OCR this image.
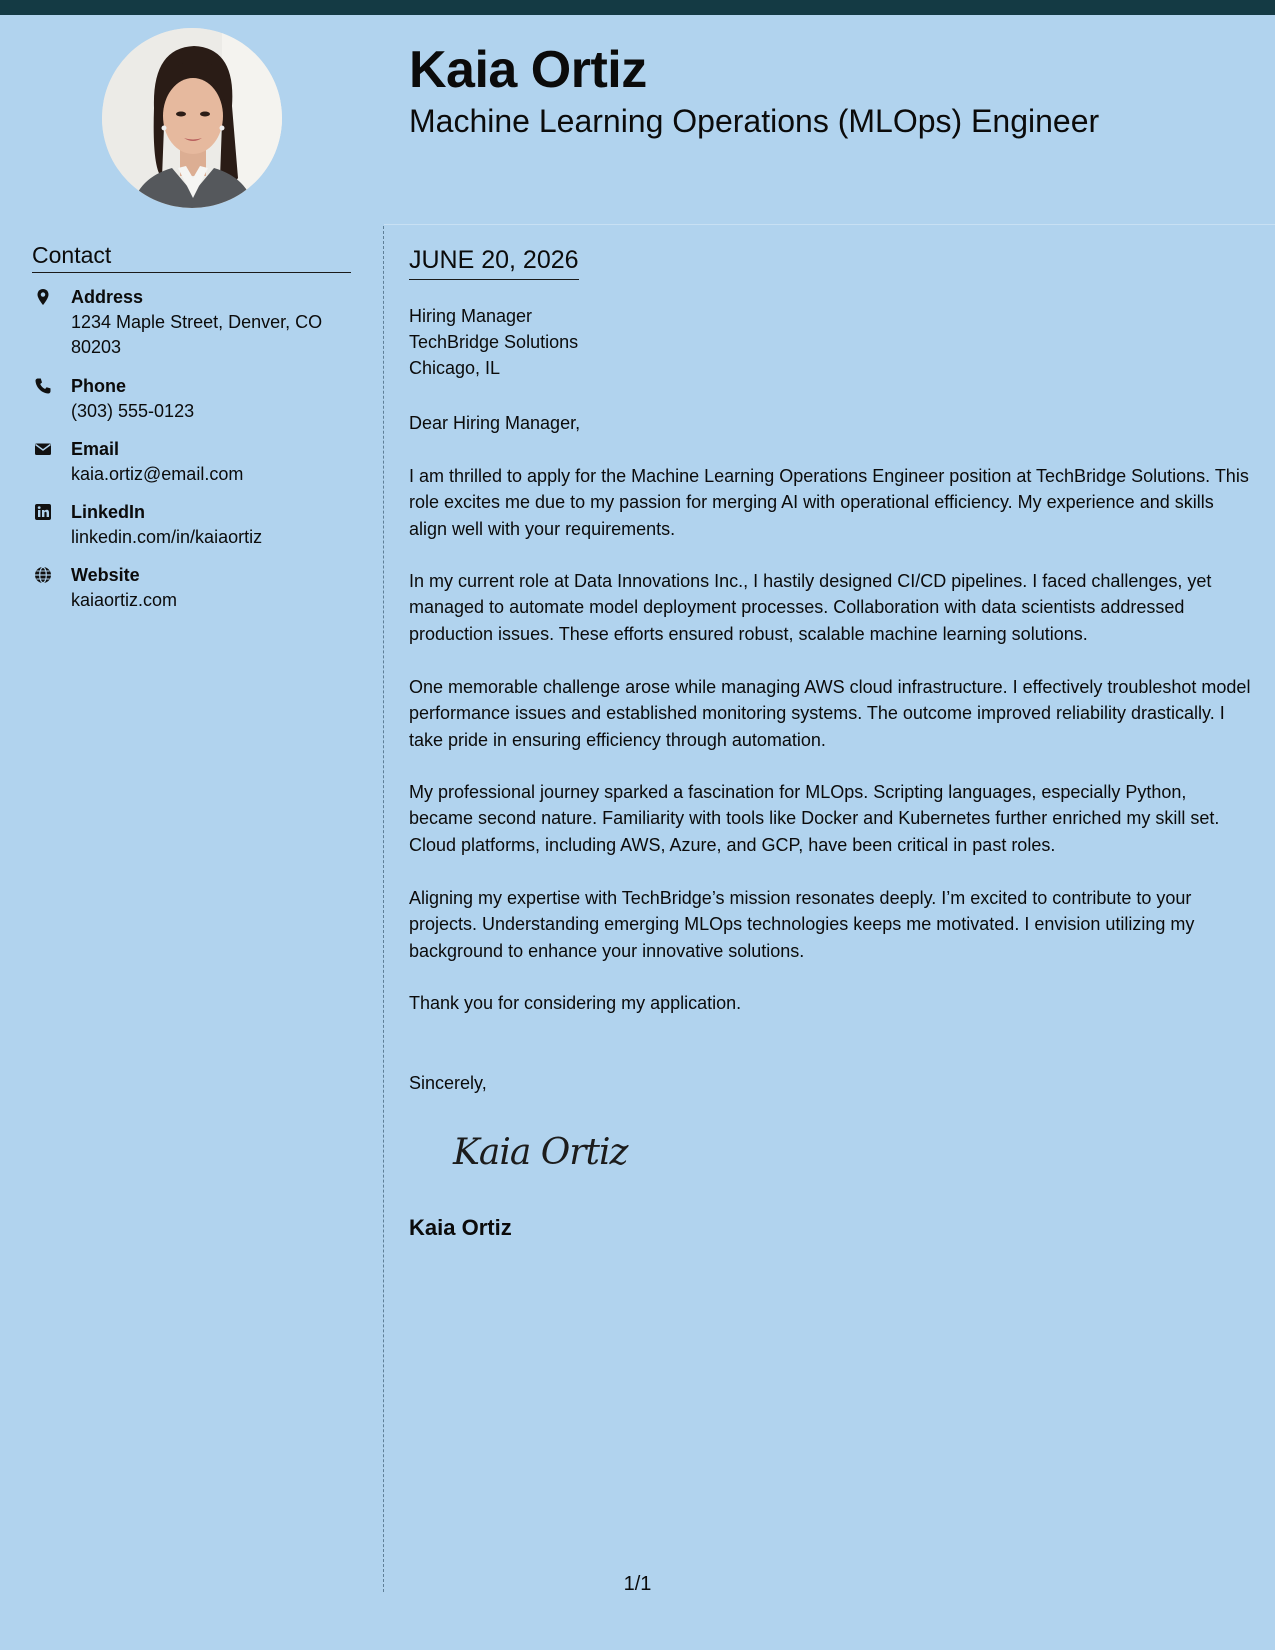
Kaia Ortiz
Machine Learning Operations (MLOps) Engineer
Contact
Address
1234 Maple Street, Denver, CO 80203
Phone
(303) 555-0123
Email
kaia.ortiz@email.com
LinkedIn
linkedin.com/in/kaiaortiz
Website
kaiaortiz.com
JUNE 20, 2026
Hiring Manager
TechBridge Solutions
Chicago, IL
Dear Hiring Manager,
I am thrilled to apply for the Machine Learning Operations Engineer position at TechBridge Solutions. This role excites me due to my passion for merging AI with operational efficiency. My experience and skills align well with your requirements.
In my current role at Data Innovations Inc., I hastily designed CI/CD pipelines. I faced challenges, yet managed to automate model deployment processes. Collaboration with data scientists addressed production issues. These efforts ensured robust, scalable machine learning solutions.
One memorable challenge arose while managing AWS cloud infrastructure. I effectively troubleshot model performance issues and established monitoring systems. The outcome improved reliability drastically. I take pride in ensuring efficiency through automation.
My professional journey sparked a fascination for MLOps. Scripting languages, especially Python, became second nature. Familiarity with tools like Docker and Kubernetes further enriched my skill set. Cloud platforms, including AWS, Azure, and GCP, have been critical in past roles.
Aligning my expertise with TechBridge’s mission resonates deeply. I’m excited to contribute to your projects. Understanding emerging MLOps technologies keeps me motivated. I envision utilizing my background to enhance your innovative solutions.
Thank you for considering my application.
Sincerely,
Kaia Ortiz
Kaia Ortiz
1/1
